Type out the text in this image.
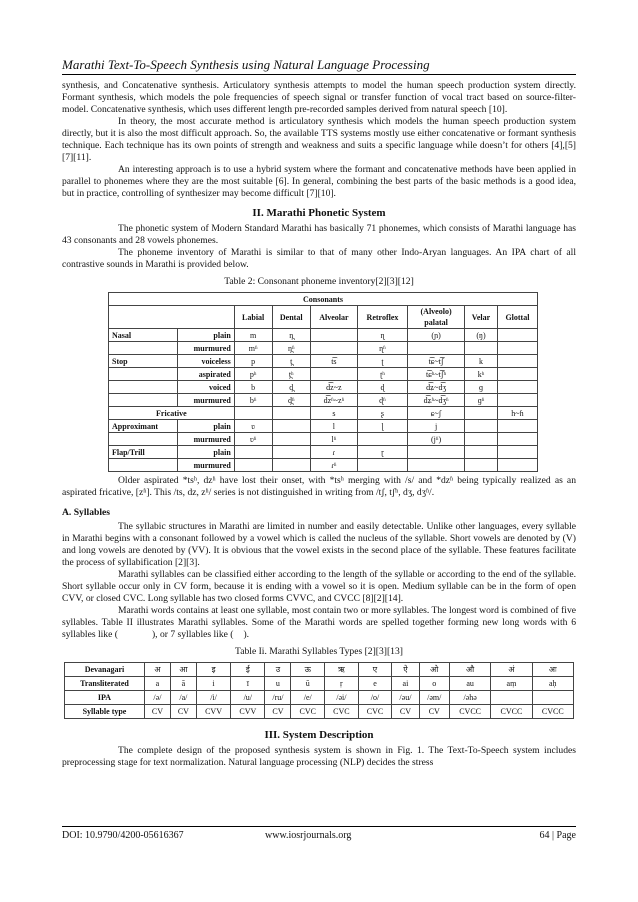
Marathi Text-To-Speech Synthesis using Natural Language Processing

synthesis, and Concatenative synthesis. Articulatory synthesis attempts to model the human speech production system directly. Formant synthesis, which models the pole frequencies of speech signal or transfer function of vocal tract based on source-filter-model. Concatenative synthesis, which uses different length pre-recorded samples derived from natural speech [10].

In theory, the most accurate method is articulatory synthesis which models the human speech production system directly, but it is also the most difficult approach. So, the available TTS systems mostly use either concatenative or formant synthesis technique. Each technique has its own points of strength and weakness and suits a specific language while doesn’t for others [4],[5] [7][11].

An interesting approach is to use a hybrid system where the formant and concatenative methods have been applied in parallel to phonemes where they are the most suitable [6]. In general, combining the best parts of the basic methods is a good idea, but in practice, controlling of synthesizer may become difficult [7][10].

II. Marathi Phonetic System

The phonetic system of Modern Standard Marathi has basically 71 phonemes, which consists of Marathi language has 43 consonants and 28 vowels phonemes.

The phoneme inventory of Marathi is similar to that of many other Indo-Aryan languages. An IPA chart of all contrastive sounds in Marathi is provided below.

Table 2: Consonant phoneme inventory[2][3][12]
Consonants								
		Labial	Dental	Alveolar	Retroflex	(Alveolo) palatal	Velar	Glottal
Nasal	plain	m	n̪		ɳ	(ɲ)	(ŋ)	
	murmured	mʱ	n̪ʱ		ɳʱ			
Stop	voiceless	p	t̪	t͡s	ʈ	t͡ɕ~t͡ʃ	k	
	aspirated	pʰ	t̪ʰ		ʈʰ	t͡ɕʰ~t͡ʃʰ	kʰ	
	voiced	b	d̪	d͡z~z	ɖ	d͡ʑ~d͡ʒ	ɡ	
	murmured	bʱ	d̪ʱ	d͡zʱ~zʱ	ɖʱ	d͡ʑʱ~d͡ʒʱ	ɡʱ	
Fricative				s	ʂ	ɕ~ʃ		h~ɦ
Approximant	plain	ʋ		l	ɭ	j		
	murmured	ʋʱ		lʱ		(jʱ)		
Flap/Trill	plain			ɾ	ɽ			
	murmured			ɾʱ				

Older aspirated *tsʰ, dzʱ have lost their onset, with *tsʰ merging with /s/ and *dzʱ being typically realized as an aspirated fricative, [zʱ]. This /ts, dz, zʱ/ series is not distinguished in writing from /tʃ, tʃʰ, dʒ, dʒʱ/.

A. Syllables

The syllabic structures in Marathi are limited in number and easily detectable. Unlike other languages, every syllable in Marathi begins with a consonant followed by a vowel which is called the nucleus of the syllable. Short vowels are denoted by (V) and long vowels are denoted by (VV). It is obvious that the vowel exists in the second place of the syllable. These features facilitate the process of syllabification [2][3].

Marathi syllables can be classified either according to the length of the syllable or according to the end of the syllable. Short syllable occur only in CV form, because it is ending with a vowel so it is open. Medium syllable can be in the form of open CVV, or closed CVC. Long syllable has two closed forms CVVC, and CVCC [8][2][14].

Marathi words contains at least one syllable, most contain two or more syllables. The longest word is combined of five syllables. Table II illustrates Marathi syllables. Some of the Marathi words are spelled together forming new long words with 6 syllables like (	), or 7 syllables like ( ).

Table Ii. Marathi Syllables Types [2][3][13]
Devanagari	अ	आ	इ	ई	उ	ऊ	ऋ	ए	ऐ	ओ	औ	अं	अः
Transliterated	a	ā	i	ī	u	ū	ṛ	e	ai	o	au	aṃ	aḥ
IPA	/ə/	/a/	/i/	/u/	/ru/	/e/	/əi/	/o/	/əu/	/əm/	/əhə		
Syllable type	CV	CV	CVV	CVV	CV	CVC	CVC	CVC	CV	CV	CVCC	CVCC	CVCC
III. System Description

The complete design of the proposed synthesis system is shown in Fig. 1. The Text-To-Speech system includes preprocessing stage for text normalization. Natural language processing (NLP) decides the stress

DOI: 10.9790/4200-05616367	www.iosrjournals.org	64 | Page
